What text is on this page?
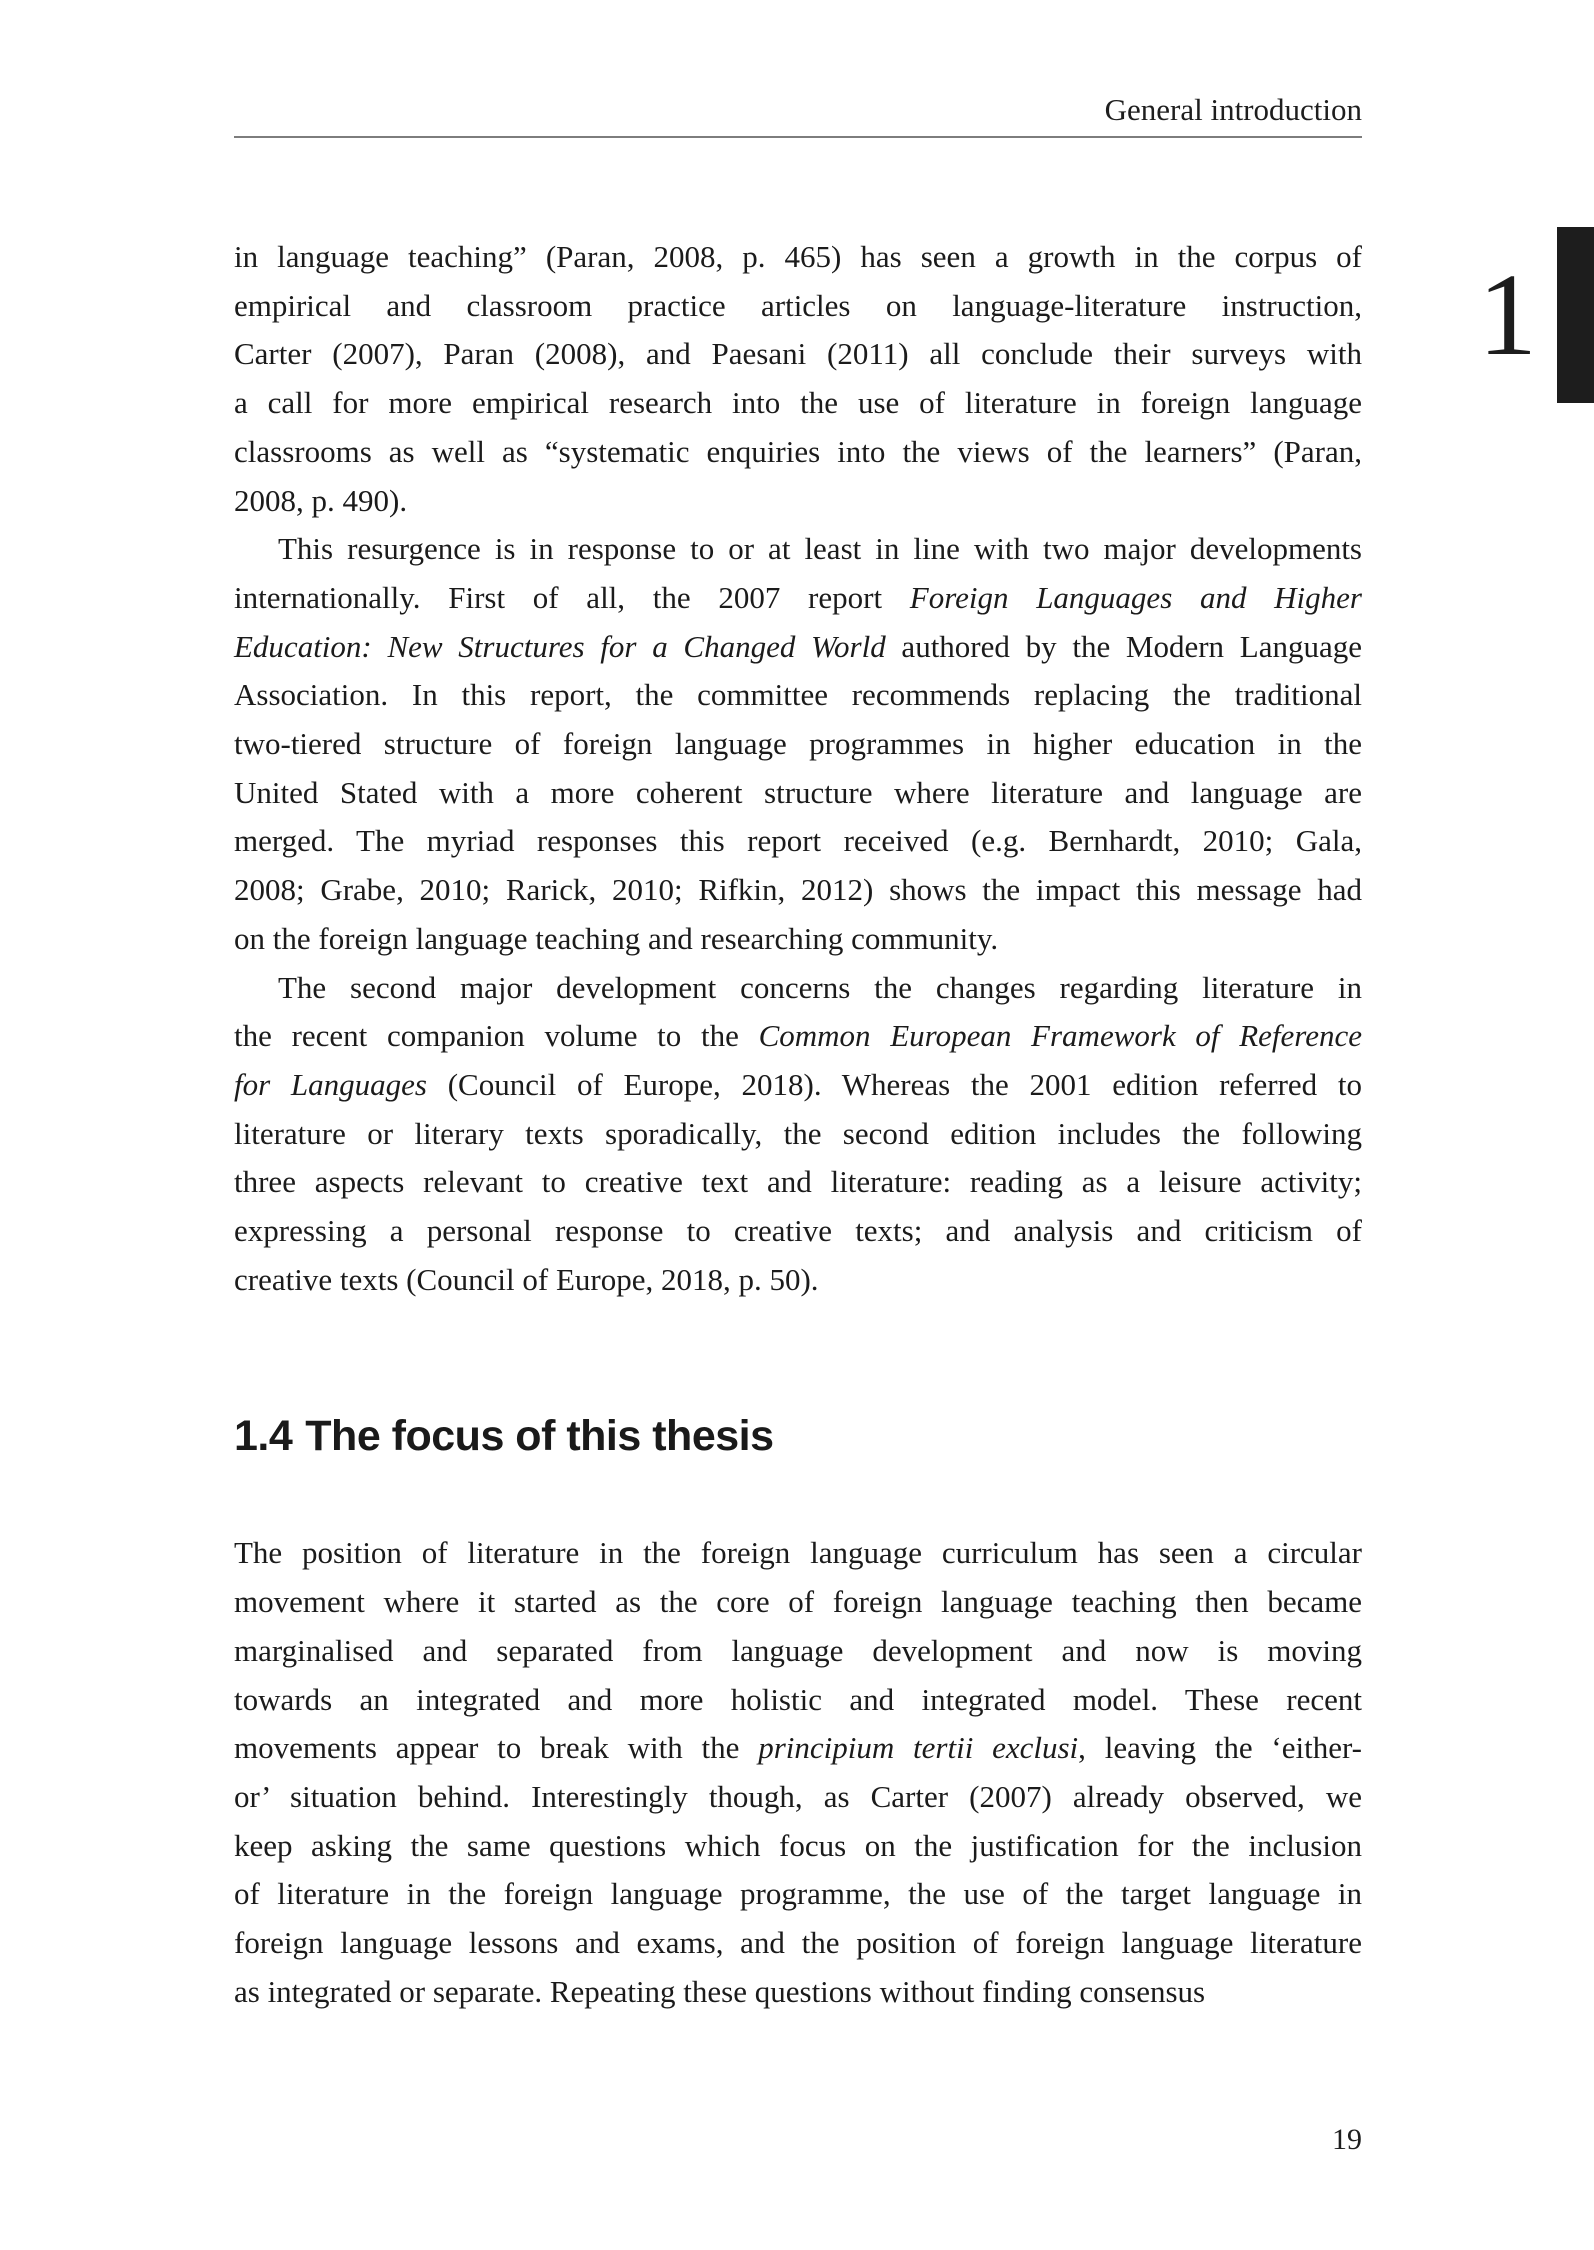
General introduction
1
in language teaching” (Paran, 2008, p. 465) has seen a growth in the corpus of
empirical and classroom practice articles on language-literature instruction,
Carter (2007), Paran (2008), and Paesani (2011) all conclude their surveys with
a call for more empirical research into the use of literature in foreign language
classrooms as well as “systematic enquiries into the views of the learners” (Paran,
2008, p. 490).
This resurgence is in response to or at least in line with two major developments
internationally. First of all, the 2007 report Foreign Languages and Higher
Education: New Structures for a Changed World authored by the Modern Language
Association. In this report, the committee recommends replacing the traditional
two-tiered structure of foreign language programmes in higher education in the
United Stated with a more coherent structure where literature and language are
merged. The myriad responses this report received (e.g. Bernhardt, 2010; Gala,
2008; Grabe, 2010; Rarick, 2010; Rifkin, 2012) shows the impact this message had
on the foreign language teaching and researching community.
The second major development concerns the changes regarding literature in
the recent companion volume to the Common European Framework of Reference
for Languages (Council of Europe, 2018). Whereas the 2001 edition referred to
literature or literary texts sporadically, the second edition includes the following
three aspects relevant to creative text and literature: reading as a leisure activity;
expressing a personal response to creative texts; and analysis and criticism of
creative texts (Council of Europe, 2018, p. 50).
1.4 The focus of this thesis
The position of literature in the foreign language curriculum has seen a circular
movement where it started as the core of foreign language teaching then became
marginalised and separated from language development and now is moving
towards an integrated and more holistic and integrated model. These recent
movements appear to break with the principium tertii exclusi, leaving the ‘either-
or’ situation behind. Interestingly though, as Carter (2007) already observed, we
keep asking the same questions which focus on the justification for the inclusion
of literature in the foreign language programme, the use of the target language in
foreign language lessons and exams, and the position of foreign language literature
as integrated or separate. Repeating these questions without finding consensus
19
